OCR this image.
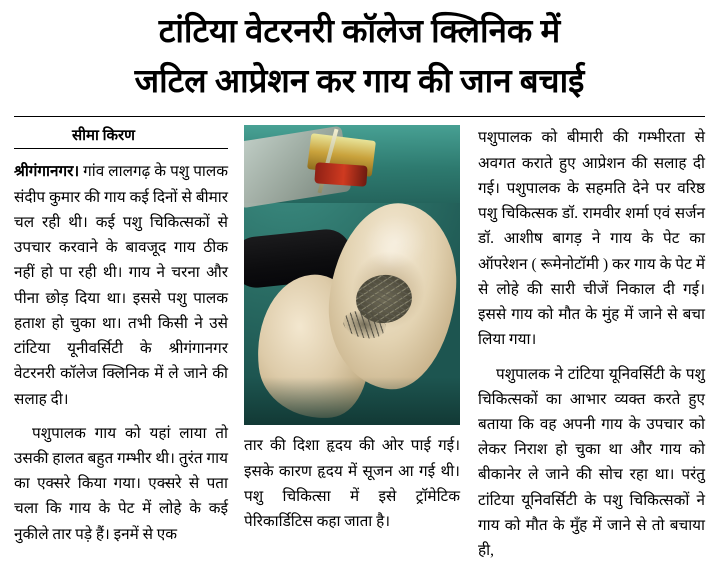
टांटिया वेटरनरी कॉलेज क्लिनिक में
जटिल आप्रेशन कर गाय की जान बचाई
सीमा किरण

श्रीगंगानगर। गांव लालगढ़ के पशु पालक संदीप कुमार की गाय कई दिनों से बीमार चल रही थी। कई पशु चिकित्सकों से उपचार करवाने के बावजूद गाय ठीक नहीं हो पा रही थी। गाय ने चरना और पीना छोड़ दिया था। इससे पशु पालक हताश हो चुका था। तभी किसी ने उसे टांटिया यूनीवर्सिटी के श्रीगंगानगर वेटरनरी कॉलेज क्लिनिक में ले जाने की सलाह दी।

पशुपालक गाय को यहां लाया तो उसकी हालत बहुत गम्भीर थी। तुरंत गाय का एक्सरे किया गया। एक्सरे से पता चला कि गाय के पेट में लोहे के कई नुकीले तार पड़े हैं। इनमें से एक

तार की दिशा हृदय की ओर पाई गई। इसके कारण हृदय में सूजन आ गई थी। पशु चिकित्सा में इसे ट्रॉमेटिक पेरिकार्डिटिस कहा जाता है।

पशुपालक को बीमारी की गम्भीरता से अवगत कराते हुए आप्रेशन की सलाह दी गई। पशुपालक के सहमति देने पर वरिष्ठ पशु चिकित्सक डॉ. रामवीर शर्मा एवं सर्जन डॉ. आशीष बागड़ ने गाय के पेट का ऑपरेशन ( रूमेनोटॉमी ) कर गाय के पेट में से लोहे की सारी चीजें निकाल दी गई। इससे गाय को मौत के मुंह में जाने से बचा लिया गया।

पशुपालक ने टांटिया यूनिवर्सिटी के पशु चिकित्सकों का आभार व्यक्त करते हुए बताया कि वह अपनी गाय के उपचार को लेकर निराश हो चुका था और गाय को बीकानेर ले जाने की सोच रहा था। परंतु टांटिया यूनिवर्सिटी के पशु चिकित्सकों ने गाय को मौत के मुँह में जाने से तो बचाया ही,
